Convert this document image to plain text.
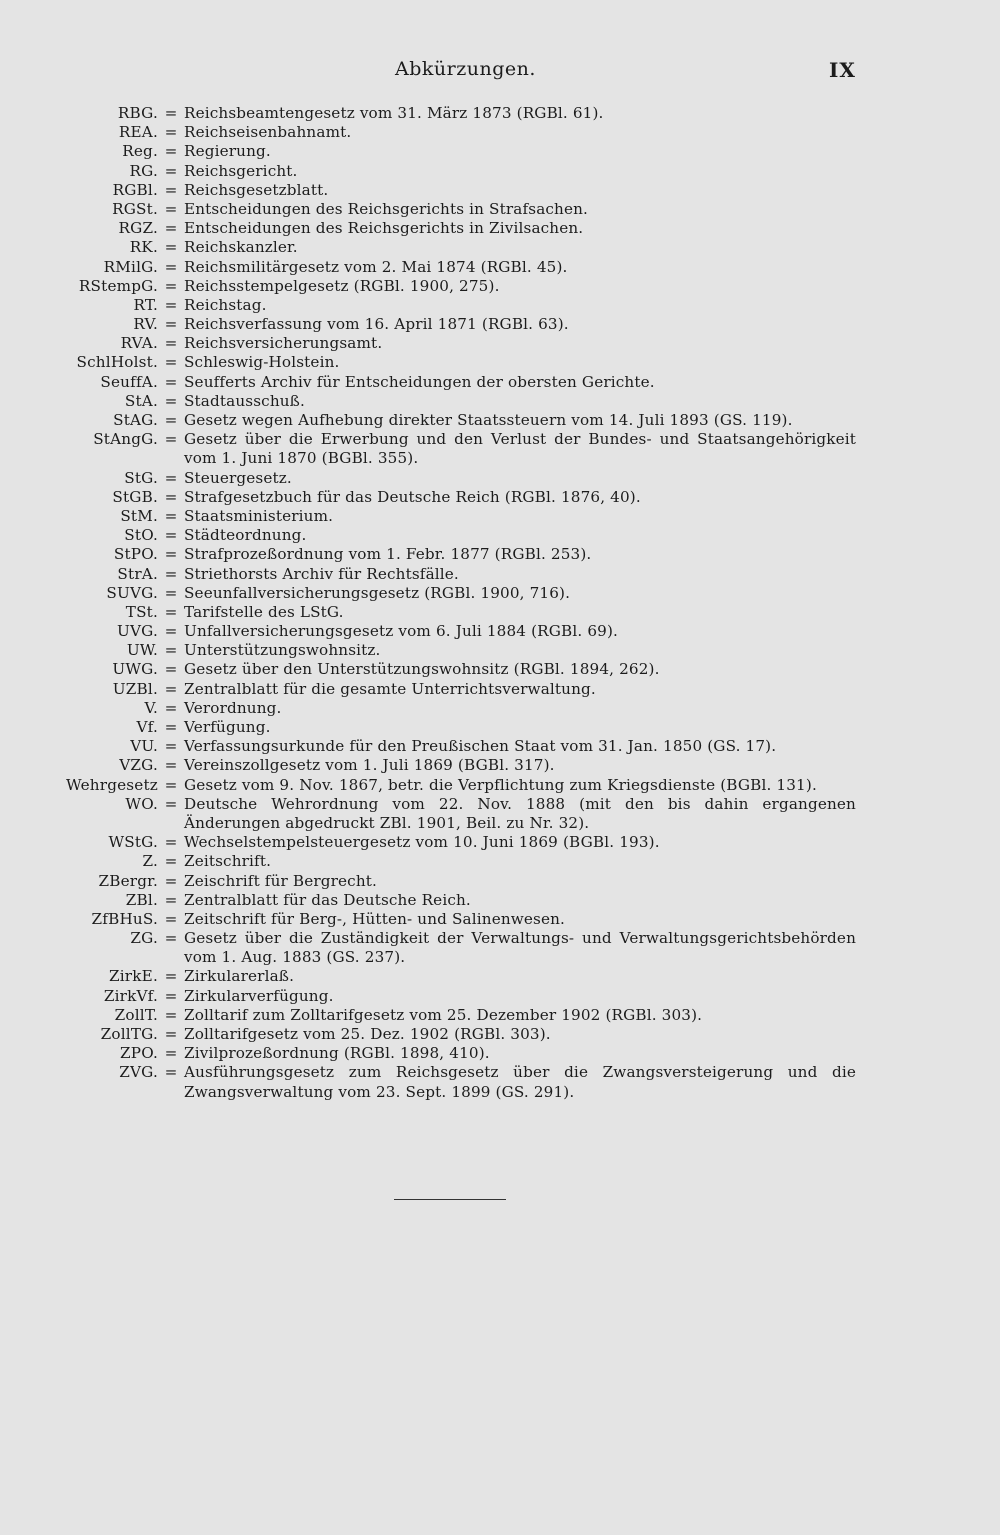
Abkürzungen.	IX
RBG. = Reichsbeamtengesetz vom 31. März 1873 (RGBl. 61).
REA. = Reichseisenbahnamt.
Reg. = Regierung.
RG. = Reichsgericht.
RGBl. = Reichsgesetzblatt.
RGSt. = Entscheidungen des Reichsgerichts in Strafsachen.
RGZ. = Entscheidungen des Reichsgerichts in Zivilsachen.
RK. = Reichskanzler.
RMilG. = Reichsmilitärgesetz vom 2. Mai 1874 (RGBl. 45).
RStempG. = Reichsstempelgesetz (RGBl. 1900, 275).
RT. = Reichstag.
RV. = Reichsverfassung vom 16. April 1871 (RGBl. 63).
RVA. = Reichsversicherungsamt.
SchlHolst. = Schleswig-Holstein.
SeuffA. = Seufferts Archiv für Entscheidungen der obersten Gerichte.
StA. = Stadtausschuß.
StAG. = Gesetz wegen Aufhebung direkter Staatssteuern vom 14. Juli 1893 (GS. 119).
StAngG. = Gesetz über die Erwerbung und den Verlust der Bundes- und Staatsangehörigkeit vom 1. Juni 1870 (BGBl. 355).
StG. = Steuergesetz.
StGB. = Strafgesetzbuch für das Deutsche Reich (RGBl. 1876, 40).
StM. = Staatsministerium.
StO. = Städteordnung.
StPO. = Strafprozeßordnung vom 1. Febr. 1877 (RGBl. 253).
StrA. = Striethorsts Archiv für Rechtsfälle.
SUVG. = Seeunfallversicherungsgesetz (RGBl. 1900, 716).
TSt. = Tarifstelle des LStG.
UVG. = Unfallversicherungsgesetz vom 6. Juli 1884 (RGBl. 69).
UW. = Unterstützungswohnsitz.
UWG. = Gesetz über den Unterstützungswohnsitz (RGBl. 1894, 262).
UZBl. = Zentralblatt für die gesamte Unterrichtsverwaltung.
V. = Verordnung.
Vf. = Verfügung.
VU. = Verfassungsurkunde für den Preußischen Staat vom 31. Jan. 1850 (GS. 17).
VZG. = Vereinszollgesetz vom 1. Juli 1869 (BGBl. 317).
Wehrgesetz = Gesetz vom 9. Nov. 1867, betr. die Verpflichtung zum Kriegsdienste (BGBl. 131).
WO. = Deutsche Wehrordnung vom 22. Nov. 1888 (mit den bis dahin ergangenen Änderungen abgedruckt ZBl. 1901, Beil. zu Nr. 32).
WStG. = Wechselstempelsteuergesetz vom 10. Juni 1869 (BGBl. 193).
Z. = Zeitschrift.
ZBergr. = Zeischrift für Bergrecht.
ZBl. = Zentralblatt für das Deutsche Reich.
ZfBHuS. = Zeitschrift für Berg-, Hütten- und Salinenwesen.
ZG. = Gesetz über die Zuständigkeit der Verwaltungs- und Verwaltungsgerichtsbehörden vom 1. Aug. 1883 (GS. 237).
ZirkE. = Zirkularerlaß.
ZirkVf. = Zirkularverfügung.
ZollT. = Zolltarif zum Zolltarifgesetz vom 25. Dezember 1902 (RGBl. 303).
ZollTG. = Zolltarifgesetz vom 25. Dez. 1902 (RGBl. 303).
ZPO. = Zivilprozeßordnung (RGBl. 1898, 410).
ZVG. = Ausführungsgesetz zum Reichsgesetz über die Zwangsversteigerung und die Zwangsverwaltung vom 23. Sept. 1899 (GS. 291).
